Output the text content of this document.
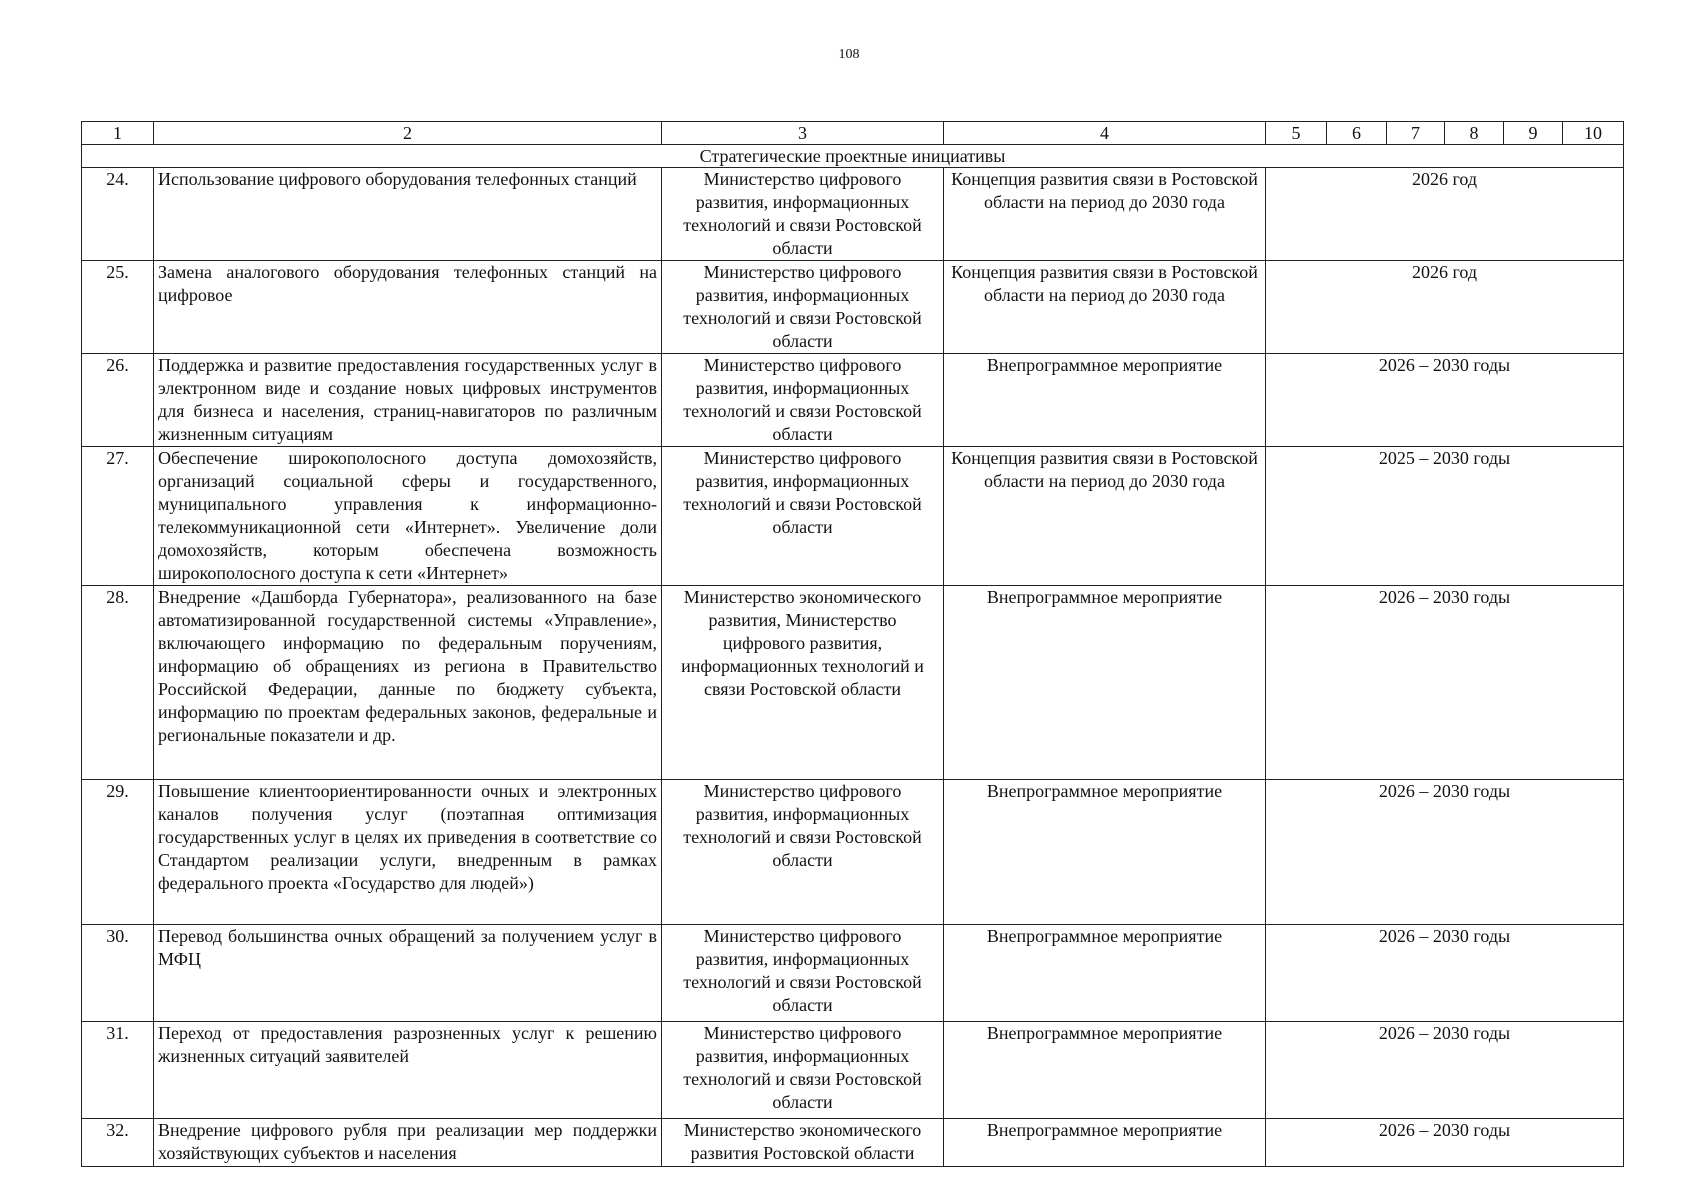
108
1	2	3	4	5	6	7	8	9	10
Стратегические проектные инициативы									
24.	Использование цифрового оборудования телефонных станций	Министерство цифрового развития, информационных технологий и связи Ростовской области	Концепция развития связи в Ростовской области на период до 2030 года	2026 год					
25.	Замена аналогового оборудования телефонных станций на цифровое	Министерство цифрового развития, информационных технологий и связи Ростовской области	Концепция развития связи в Ростовской области на период до 2030 года	2026 год					
26.	Поддержка и развитие предоставления государственных услуг в электронном виде и создание новых цифровых инструментов для бизнеса и населения, страниц-навигаторов по различным жизненным ситуациям	Министерство цифрового развития, информационных технологий и связи Ростовской области	Внепрограммное мероприятие	2026 – 2030 годы					
27.	Обеспечение широкополосного доступа домохозяйств, организаций социальной сферы и государственного, муниципального управления к информационно-телекоммуникационной сети «Интернет». Увеличение доли домохозяйств, которым обеспечена возможность широкополосного доступа к сети «Интернет»	Министерство цифрового развития, информационных технологий и связи Ростовской области	Концепция развития связи в Ростовской области на период до 2030 года	2025 – 2030 годы					
28.	Внедрение «Дашборда Губернатора», реализованного на базе автоматизированной государственной системы «Управление», включающего информацию по федеральным поручениям, информацию об обращениях из региона в Правительство Российской Федерации, данные по бюджету субъекта, информацию по проектам федеральных законов, федеральные и региональные показатели и др.	Министерство экономического развития, Министерство цифрового развития, информационных технологий и связи Ростовской области	Внепрограммное мероприятие	2026 – 2030 годы					
29.	Повышение клиентоориентированности очных и электронных каналов получения услуг (поэтапная оптимизация государственных услуг в целях их приведения в соответствие со Стандартом реализации услуги, внедренным в рамках федерального проекта «Государство для людей»)	Министерство цифрового развития, информационных технологий и связи Ростовской области	Внепрограммное мероприятие	2026 – 2030 годы					
30.	Перевод большинства очных обращений за получением услуг в МФЦ	Министерство цифрового развития, информационных технологий и связи Ростовской области	Внепрограммное мероприятие	2026 – 2030 годы					
31.	Переход от предоставления разрозненных услуг к решению жизненных ситуаций заявителей	Министерство цифрового развития, информационных технологий и связи Ростовской области	Внепрограммное мероприятие	2026 – 2030 годы					
32.	Внедрение цифрового рубля при реализации мер поддержки хозяйствующих субъектов и населения	Министерство экономического развития Ростовской области	Внепрограммное мероприятие	2026 – 2030 годы					
